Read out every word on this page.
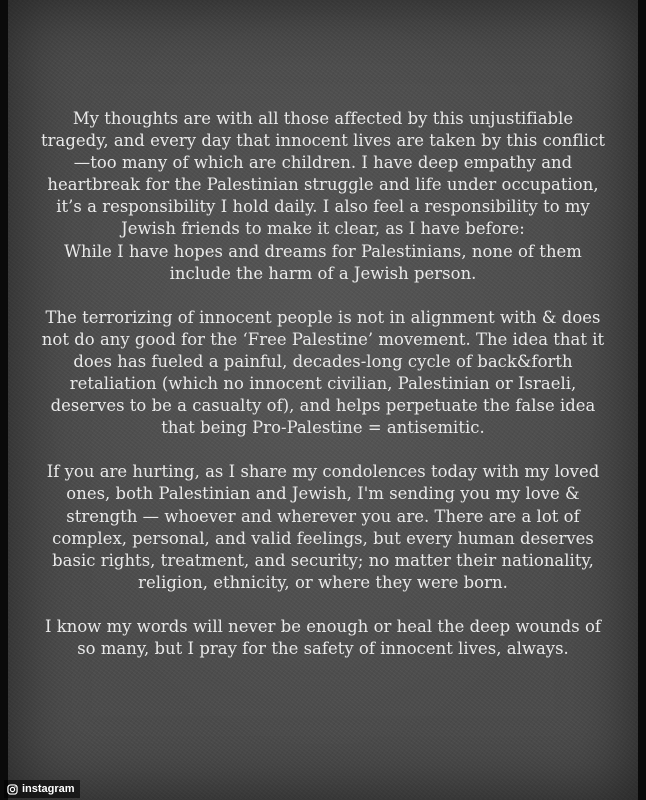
My thoughts are with all those affected by this unjustifiable
tragedy, and every day that innocent lives are taken by this conflict
—too many of which are children. I have deep empathy and
heartbreak for the Palestinian struggle and life under occupation,
it’s a responsibility I hold daily. I also feel a responsibility to my
Jewish friends to make it clear, as I have before:
While I have hopes and dreams for Palestinians, none of them
include the harm of a Jewish person.

The terrorizing of innocent people is not in alignment with & does
not do any good for the ‘Free Palestine’ movement. The idea that it
does has fueled a painful, decades-long cycle of back&forth
retaliation (which no innocent civilian, Palestinian or Israeli,
deserves to be a casualty of), and helps perpetuate the false idea
that being Pro-Palestine = antisemitic.

If you are hurting, as I share my condolences today with my loved
ones, both Palestinian and Jewish, I'm sending you my love &
strength — whoever and wherever you are. There are a lot of
complex, personal, and valid feelings, but every human deserves
basic rights, treatment, and security; no matter their nationality,
religion, ethnicity, or where they were born.

I know my words will never be enough or heal the deep wounds of
so many, but I pray for the safety of innocent lives, always.

instagram
